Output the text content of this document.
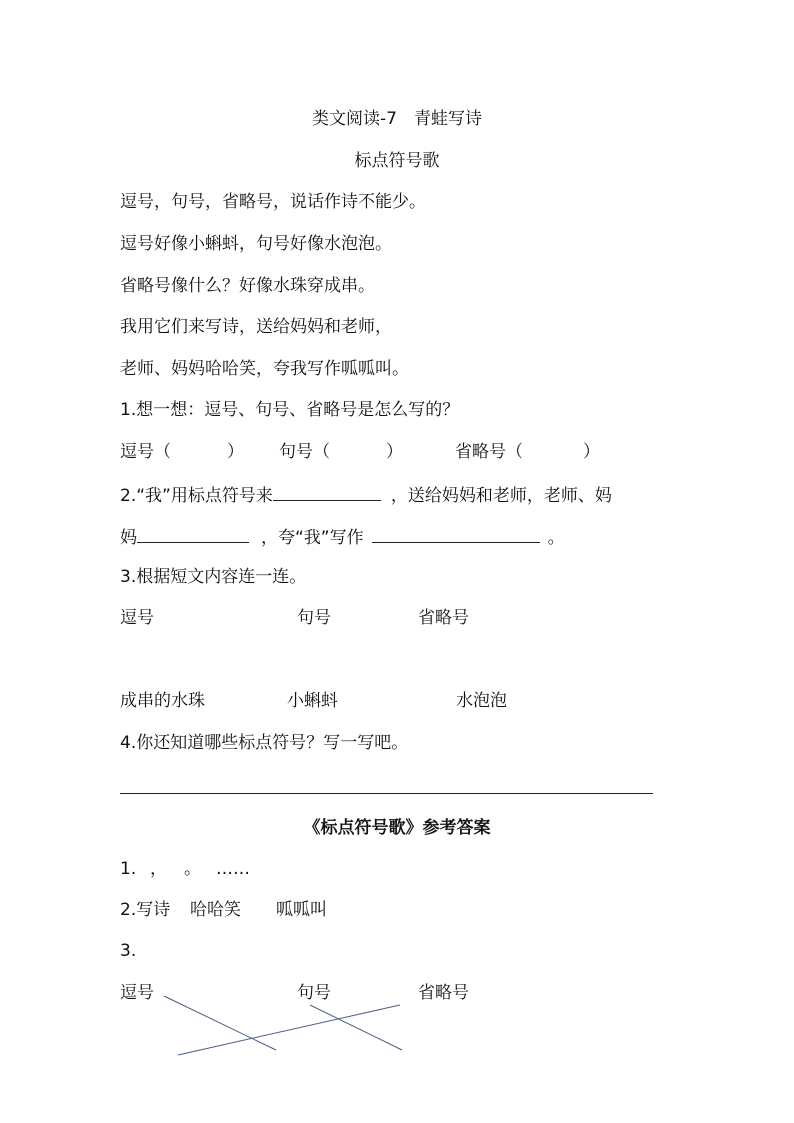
类文阅读-7　青蛙写诗
标点符号歌
逗号，句号，省略号，说话作诗不能少。
逗号好像小蝌蚪，句号好像水泡泡。
省略号像什么？好像水珠穿成串。
我用它们来写诗，送给妈妈和老师，
老师、妈妈哈哈笑，夸我写作呱呱叫。
1.想一想：逗号、句号、省略号是怎么写的？
逗号（	） 句号（	）	省略号（	）
2.“我”用标点符号来	，送给妈妈和老师，老师、妈
妈	，夸“我”写作	。
3.根据短文内容连一连。
逗号	句号	省略号
成串的水珠	小蝌蚪	水泡泡
4.你还知道哪些标点符号？写一写吧。
《标点符号歌》参考答案
1. ， 。 ……
2.写诗 哈哈笑 呱呱叫
3.
逗号	句号	省略号
